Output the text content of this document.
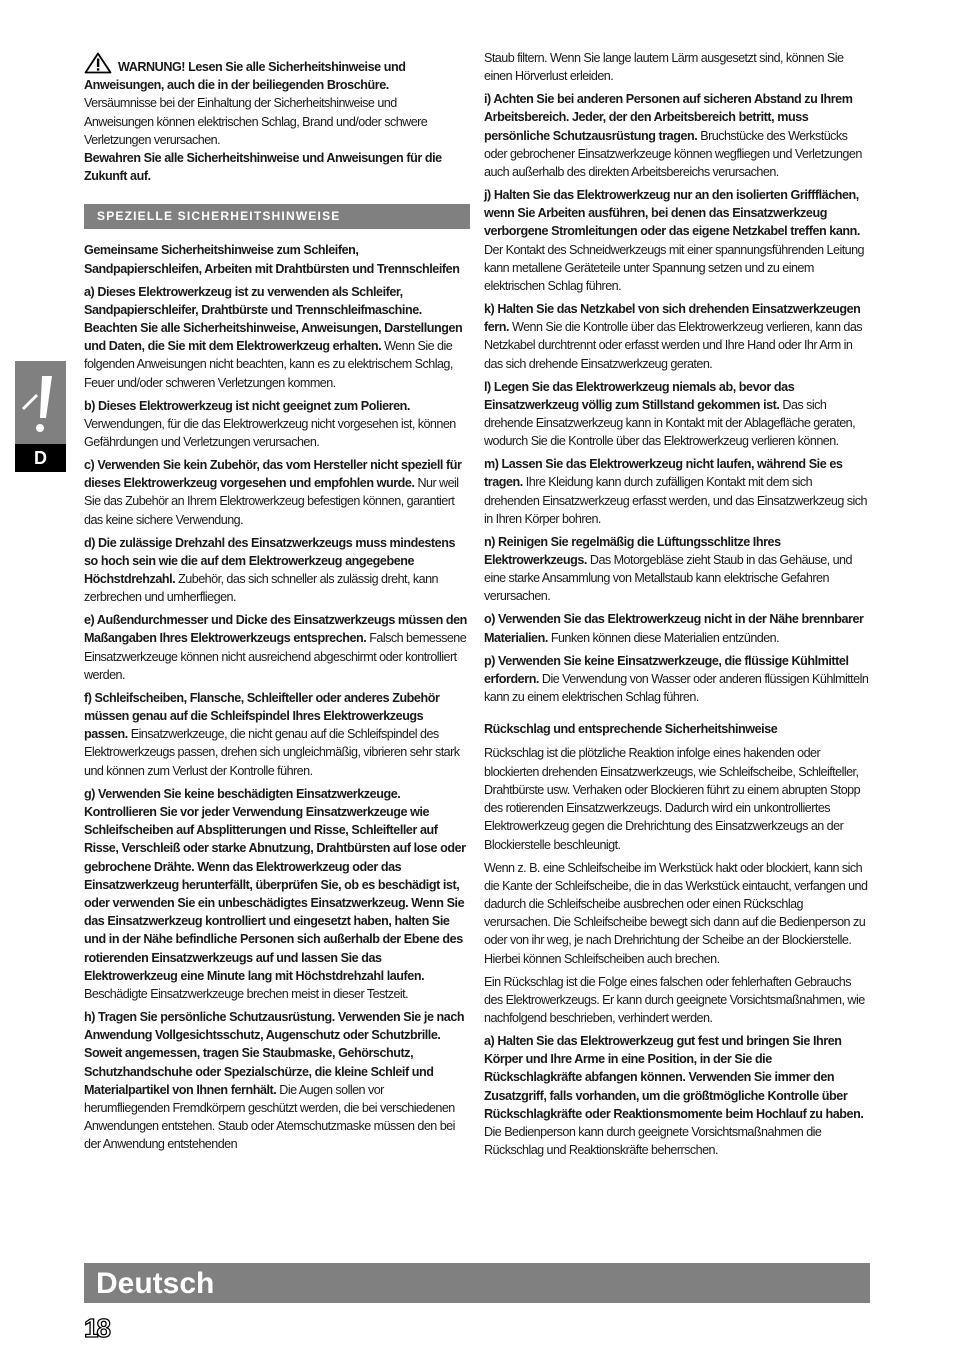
D

WARNUNG! Lesen Sie alle Sicherheitshinweise und Anweisungen, auch die in der beiliegenden Broschüre.

Versäumnisse bei der Einhaltung der Sicherheitshinweise und Anweisungen können elektrischen Schlag, Brand und/oder schwere Verletzungen verursachen.

Bewahren Sie alle Sicherheitshinweise und Anweisungen für die Zukunft auf.

SPEZIELLE SICHERHEITSHINWEISE

Gemeinsame Sicherheitshinweise zum Schleifen, Sandpapierschleifen, Arbeiten mit Drahtbürsten und Trennschleifen

a) Dieses Elektrowerkzeug ist zu verwenden als Schleifer, Sandpapierschleifer, Drahtbürste und Trennschleifmaschine. Beachten Sie alle Sicherheitshinweise, Anweisungen, Darstellungen und Daten, die Sie mit dem Elektrowerkzeug erhalten. Wenn Sie die folgenden Anweisungen nicht beachten, kann es zu elektrischem Schlag, Feuer und/oder schweren Verletzungen kommen.

b) Dieses Elektrowerkzeug ist nicht geeignet zum Polieren. Verwendungen, für die das Elektrowerkzeug nicht vorgesehen ist, können Gefährdungen und Verletzungen verursachen.

c) Verwenden Sie kein Zubehör, das vom Hersteller nicht speziell für dieses Elektrowerkzeug vorgesehen und empfohlen wurde. Nur weil Sie das Zubehör an Ihrem Elektrowerkzeug befestigen können, garantiert das keine sichere Verwendung.

d) Die zulässige Drehzahl des Einsatzwerkzeugs muss mindestens so hoch sein wie die auf dem Elektrowerkzeug angegebene Höchstdrehzahl. Zubehör, das sich schneller als zulässig dreht, kann zerbrechen und umherfliegen.

e) Außendurchmesser und Dicke des Einsatzwerkzeugs müssen den Maßangaben Ihres Elektrowerkzeugs entsprechen. Falsch bemessene Einsatzwerkzeuge können nicht ausreichend abgeschirmt oder kontrolliert werden.

f) Schleifscheiben, Flansche, Schleifteller oder anderes Zubehör müssen genau auf die Schleifspindel Ihres Elektrowerkzeugs passen. Einsatzwerkzeuge, die nicht genau auf die Schleifspindel des Elektrowerkzeugs passen, drehen sich ungleichmäßig, vibrieren sehr stark und können zum Verlust der Kontrolle führen.

g) Verwenden Sie keine beschädigten Einsatzwerkzeuge. Kontrollieren Sie vor jeder Verwendung Einsatzwerkzeuge wie Schleifscheiben auf Absplitterungen und Risse, Schleifteller auf Risse, Verschleiß oder starke Abnutzung, Drahtbürsten auf lose oder gebrochene Drähte. Wenn das Elektrowerkzeug oder das Einsatzwerkzeug herunterfällt, überprüfen Sie, ob es beschädigt ist, oder verwenden Sie ein unbeschädigtes Einsatzwerkzeug. Wenn Sie das Einsatzwerkzeug kontrolliert und eingesetzt haben, halten Sie und in der Nähe befindliche Personen sich außerhalb der Ebene des rotierenden Einsatzwerkzeugs auf und lassen Sie das Elektrowerkzeug eine Minute lang mit Höchstdrehzahl laufen. Beschädigte Einsatzwerkzeuge brechen meist in dieser Testzeit.

h) Tragen Sie persönliche Schutzausrüstung. Verwenden Sie je nach Anwendung Vollgesichtsschutz, Augenschutz oder Schutzbrille. Soweit angemessen, tragen Sie Staubmaske, Gehörschutz, Schutzhandschuhe oder Spezialschürze, die kleine Schleif und Materialpartikel von Ihnen fernhält. Die Augen sollen vor herumfliegenden Fremdkörpern geschützt werden, die bei verschiedenen Anwendungen entstehen. Staub oder Atemschutzmaske müssen den bei der Anwendung entstehenden

Staub filtern. Wenn Sie lange lautem Lärm ausgesetzt sind, können Sie einen Hörverlust erleiden.

i) Achten Sie bei anderen Personen auf sicheren Abstand zu Ihrem Arbeitsbereich. Jeder, der den Arbeitsbereich betritt, muss persönliche Schutzausrüstung tragen. Bruchstücke des Werkstücks oder gebrochener Einsatzwerkzeuge können wegfliegen und Verletzungen auch außerhalb des direkten Arbeitsbereichs verursachen.

j) Halten Sie das Elektrowerkzeug nur an den isolierten Griffflächen, wenn Sie Arbeiten ausführen, bei denen das Einsatzwerkzeug verborgene Stromleitungen oder das eigene Netzkabel treffen kann. Der Kontakt des Schneidwerkzeugs mit einer spannungsführenden Leitung kann metallene Geräteteile unter Spannung setzen und zu einem elektrischen Schlag führen.

k) Halten Sie das Netzkabel von sich drehenden Einsatzwerkzeugen fern. Wenn Sie die Kontrolle über das Elektrowerkzeug verlieren, kann das Netzkabel durchtrennt oder erfasst werden und Ihre Hand oder Ihr Arm in das sich drehende Einsatzwerkzeug geraten.

l) Legen Sie das Elektrowerkzeug niemals ab, bevor das Einsatzwerkzeug völlig zum Stillstand gekommen ist. Das sich drehende Einsatzwerkzeug kann in Kontakt mit der Ablagefläche geraten, wodurch Sie die Kontrolle über das Elektrowerkzeug verlieren können.

m) Lassen Sie das Elektrowerkzeug nicht laufen, während Sie es tragen. Ihre Kleidung kann durch zufälligen Kontakt mit dem sich drehenden Einsatzwerkzeug erfasst werden, und das Einsatzwerkzeug sich in Ihren Körper bohren.

n) Reinigen Sie regelmäßig die Lüftungsschlitze Ihres Elektrowerkzeugs. Das Motorgebläse zieht Staub in das Gehäuse, und eine starke Ansammlung von Metallstaub kann elektrische Gefahren verursachen.

o) Verwenden Sie das Elektrowerkzeug nicht in der Nähe brennbarer Materialien. Funken können diese Materialien entzünden.

p) Verwenden Sie keine Einsatzwerkzeuge, die flüssige Kühlmittel erfordern. Die Verwendung von Wasser oder anderen flüssigen Kühlmitteln kann zu einem elektrischen Schlag führen.

Rückschlag und entsprechende Sicherheitshinweise

Rückschlag ist die plötzliche Reaktion infolge eines hakenden oder blockierten drehenden Einsatzwerkzeugs, wie Schleifscheibe, Schleifteller, Drahtbürste usw. Verhaken oder Blockieren führt zu einem abrupten Stopp des rotierenden Einsatzwerkzeugs. Dadurch wird ein unkontrolliertes Elektrowerkzeug gegen die Drehrichtung des Einsatzwerkzeugs an der Blockierstelle beschleunigt.

Wenn z. B. eine Schleifscheibe im Werkstück hakt oder blockiert, kann sich die Kante der Schleifscheibe, die in das Werkstück eintaucht, verfangen und dadurch die Schleifscheibe ausbrechen oder einen Rückschlag verursachen. Die Schleifscheibe bewegt sich dann auf die Bedienperson zu oder von ihr weg, je nach Drehrichtung der Scheibe an der Blockierstelle. Hierbei können Schleifscheiben auch brechen.

Ein Rückschlag ist die Folge eines falschen oder fehlerhaften Gebrauchs des Elektrowerkzeugs. Er kann durch geeignete Vorsichtsmaßnahmen, wie nachfolgend beschrieben, verhindert werden.

a) Halten Sie das Elektrowerkzeug gut fest und bringen Sie Ihren Körper und Ihre Arme in eine Position, in der Sie die Rückschlagkräfte abfangen können. Verwenden Sie immer den Zusatzgriff, falls vorhanden, um die größtmögliche Kontrolle über Rückschlagkräfte oder Reaktionsmomente beim Hochlauf zu haben. Die Bedienperson kann durch geeignete Vorsichtsmaßnahmen die Rückschlag und Reaktionskräfte beherrschen.

Deutsch
18
